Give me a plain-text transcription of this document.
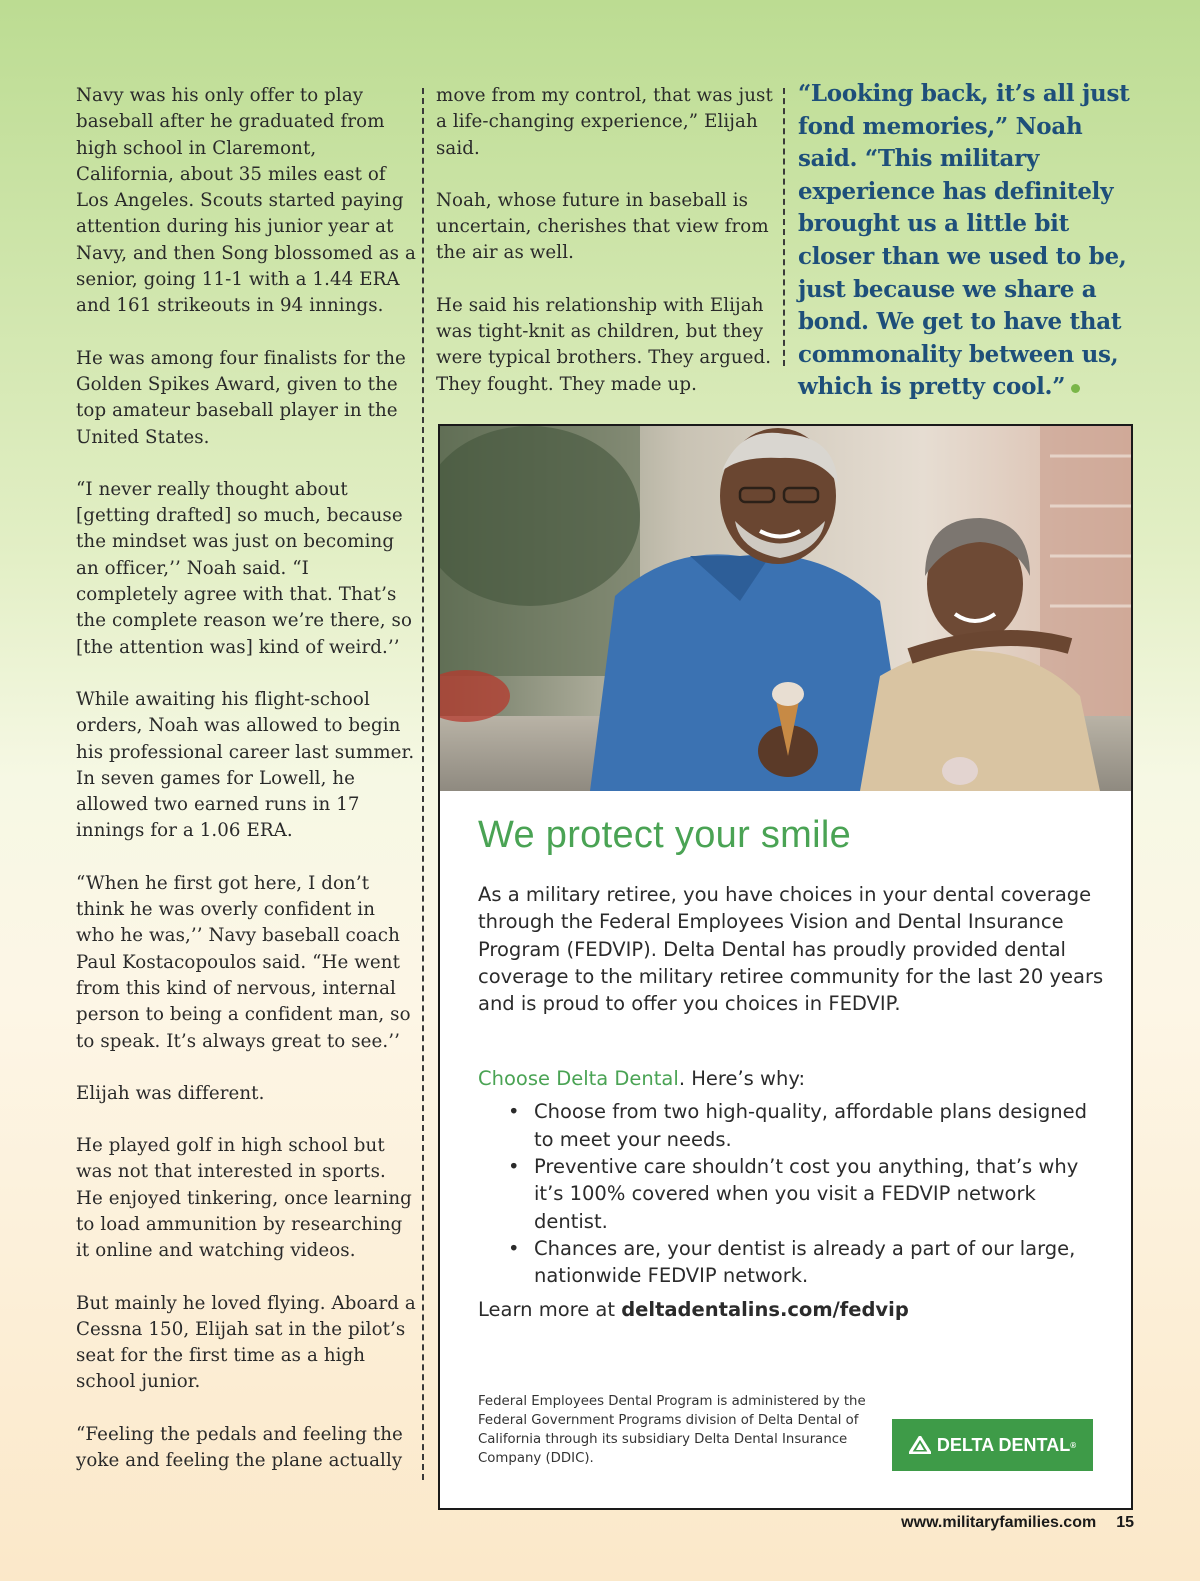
Navy was his only offer to play baseball after he graduated from high school in Claremont, California, about 35 miles east of Los Angeles. Scouts started paying attention during his junior year at Navy, and then Song blossomed as a senior, going 11-1 with a 1.44 ERA and 161 strikeouts in 94 innings.

He was among four finalists for the Golden Spikes Award, given to the top amateur baseball player in the United States.

“I never really thought about [getting drafted] so much, because the mindset was just on becoming an officer,’’ Noah said. “I completely agree with that. That’s the complete reason we’re there, so [the attention was] kind of weird.’’

While awaiting his flight-school orders, Noah was allowed to begin his professional career last summer. In seven games for Lowell, he allowed two earned runs in 17 innings for a 1.06 ERA.

“When he first got here, I don’t think he was overly confident in who he was,’’ Navy baseball coach Paul Kostacopoulos said. “He went from this kind of nervous, internal person to being a confident man, so to speak. It’s always great to see.’’

Elijah was different.

He played golf in high school but was not that interested in sports. He enjoyed tinkering, once learning to load ammunition by researching it online and watching videos.

But mainly he loved flying. Aboard a Cessna 150, Elijah sat in the pilot’s seat for the first time as a high school junior.

“Feeling the pedals and feeling the yoke and feeling the plane actually

move from my control, that was just a life-changing experience,” Elijah said.

Noah, whose future in baseball is uncertain, cherishes that view from the air as well.

He said his relationship with Elijah was tight-knit as children, but they were typical brothers. They argued. They fought. They made up.

“Looking back, it’s all just fond memories,” Noah said. “This military experience has definitely brought us a little bit closer than we used to be, just because we share a bond. We get to have that commonality between us, which is pretty cool.”
We protect your smile

As a military retiree, you have choices in your dental coverage through the Federal Employees Vision and Dental Insurance Program (FEDVIP). Delta Dental has proudly provided dental coverage to the military retiree community for the last 20 years and is proud to offer you choices in FEDVIP.

Choose Delta Dental. Here’s why:

• Choose from two high-quality, affordable plans designed to meet your needs.
• Preventive care shouldn’t cost you anything, that’s why it’s 100% covered when you visit a FEDVIP network dentist.
• Chances are, your dentist is already a part of our large, nationwide FEDVIP network.

Learn more at deltadentalins.com/fedvip

Federal Employees Dental Program is administered by the Federal Government Programs division of Delta Dental of California through its subsidiary Delta Dental Insurance Company (DDIC).
DELTA DENTAL ®
www.militaryfamilies.com 15
